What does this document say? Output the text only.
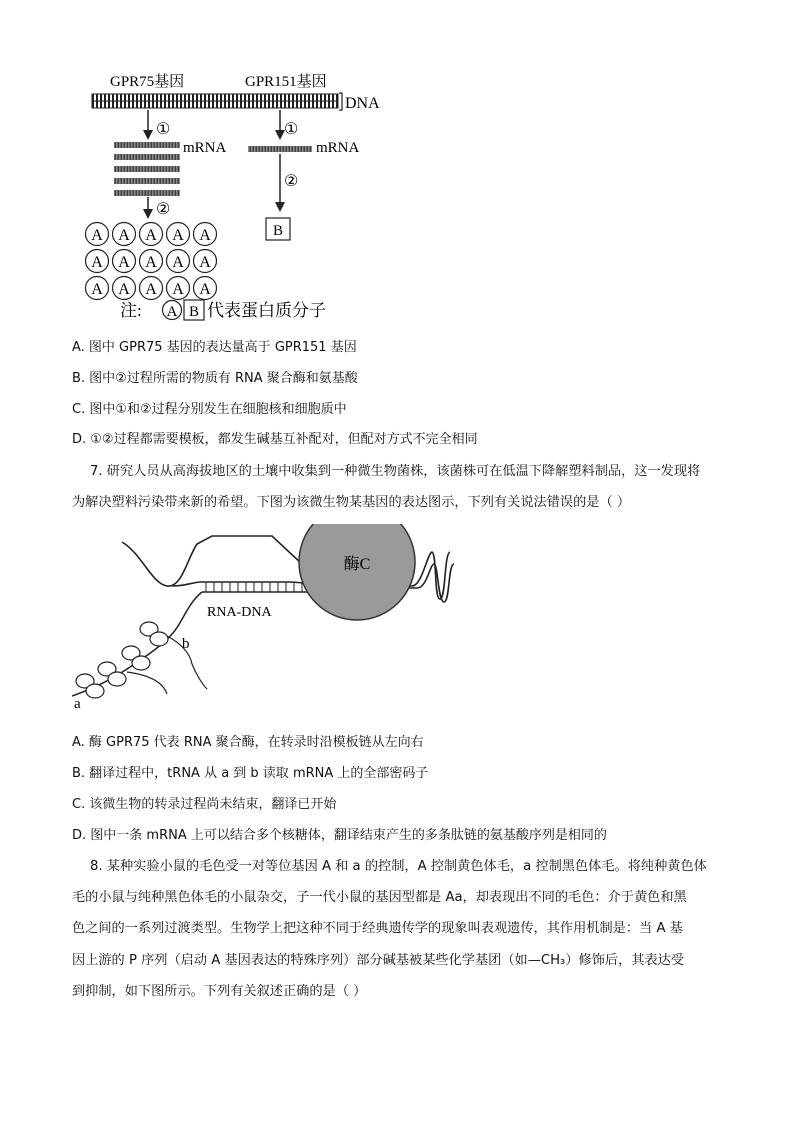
GPR75基因	GPR151基因
DNA
①
mRNA
②
A A A A A
A A A A A
A A A A A
①
mRNA
②
B
注: A B 代表蛋白质分子
A. 图中 GPR75 基因的表达量高于 GPR151 基因
B. 图中②过程所需的物质有 RNA 聚合酶和氨基酸
C. 图中①和②过程分别发生在细胞核和细胞质中
D. ①②过程都需要模板，都发生碱基互补配对，但配对方式不完全相同
7. 研究人员从高海拔地区的土壤中收集到一种微生物菌株，该菌株可在低温下降解塑料制品，这一发现将
为解决塑料污染带来新的希望。下图为该微生物某基因的表达图示，下列有关说法错误的是（ ）
酶C
RNA-DNA
b
a
A. 酶 GPR75 代表 RNA 聚合酶，在转录时沿模板链从左向右
B. 翻译过程中，tRNA 从 a 到 b 读取 mRNA 上的全部密码子
C. 该微生物的转录过程尚未结束，翻译已开始
D. 图中一条 mRNA 上可以结合多个核糖体，翻译结束产生的多条肽链的氨基酸序列是相同的
8. 某种实验小鼠的毛色受一对等位基因 A 和 a 的控制，A 控制黄色体毛，a 控制黑色体毛。将纯种黄色体
毛的小鼠与纯种黑色体毛的小鼠杂交，子一代小鼠的基因型都是 Aa，却表现出不同的毛色：介于黄色和黑
色之间的一系列过渡类型。生物学上把这种不同于经典遗传学的现象叫表观遗传，其作用机制是：当 A 基
因上游的 P 序列（启动 A 基因表达的特殊序列）部分碱基被某些化学基团（如—CH₃）修饰后，其表达受
到抑制，如下图所示。下列有关叙述正确的是（ ）
